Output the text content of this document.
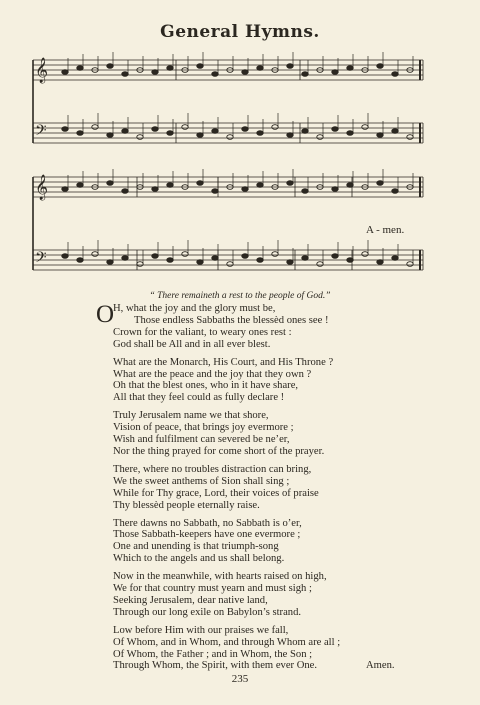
General Hymns.
𝄞
𝄢
𝄞
𝄢
A - men.
“ There remaineth a rest to the people of God.”
O
H, what the joy and the glory must be,
Those endless Sabbaths the blessèd ones see !
Crown for the valiant, to weary ones rest :
God shall be All and in all ever blest.
What are the Monarch, His Court, and His Throne ?
What are the peace and the joy that they own ?
Oh that the blest ones, who in it have share,
All that they feel could as fully declare !
Truly Jerusalem name we that shore,
Vision of peace, that brings joy evermore ;
Wish and fulfilment can severed be ne’er,
Nor the thing prayed for come short of the prayer.
There, where no troubles distraction can bring,
We the sweet anthems of Sion shall sing ;
While for Thy grace, Lord, their voices of praise
Thy blessèd people eternally raise.
There dawns no Sabbath, no Sabbath is o’er,
Those Sabbath-keepers have one evermore ;
One and unending is that triumph-song
Which to the angels and us shall belong.
Now in the meanwhile, with hearts raised on high,
We for that country must yearn and must sigh ;
Seeking Jerusalem, dear native land,
Through our long exile on Babylon’s strand.
Low before Him with our praises we fall,
Of Whom, and in Whom, and through Whom are all ;
Of Whom, the Father ; and in Whom, the Son ;
Through Whom, the Spirit, with them ever One.	Amen.
235
